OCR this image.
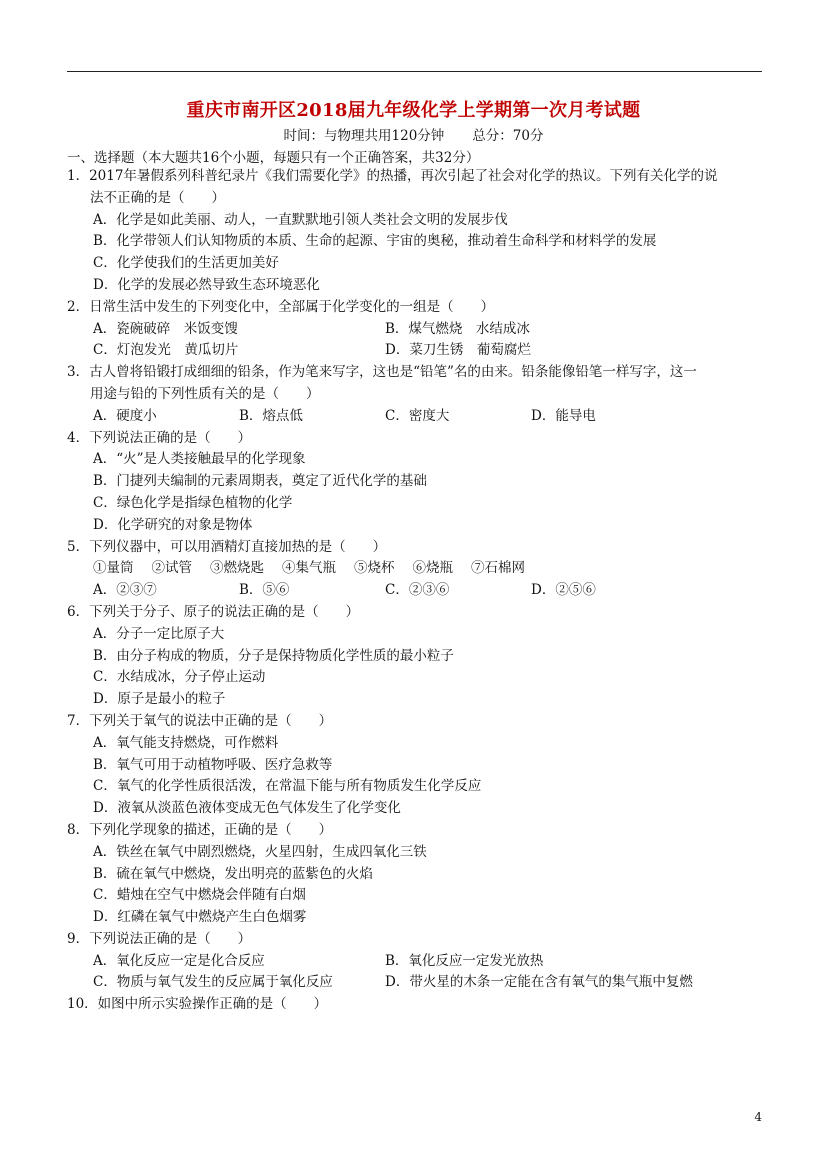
重庆市南开区2018届九年级化学上学期第一次月考试题
时间：与物理共用120分钟 总分：70分
一、选择题（本大题共16个小题，每题只有一个正确答案，共32分）
1．2017年暑假系列科普纪录片《我们需要化学》的热播，再次引起了社会对化学的热议。下列有关化学的说
法不正确的是（　　）
A．化学是如此美丽、动人，一直默默地引领人类社会文明的发展步伐
B．化学带领人们认知物质的本质、生命的起源、宇宙的奥秘，推动着生命科学和材料学的发展
C．化学使我们的生活更加美好
D．化学的发展必然导致生态环境恶化
2．日常生活中发生的下列变化中，全部属于化学变化的一组是（　　）
A．瓷碗破碎　米饭变馊	B．煤气燃烧　水结成冰
C．灯泡发光　黄瓜切片	D．菜刀生锈　葡萄腐烂
3．古人曾将铅锻打成细细的铅条，作为笔来写字，这也是“铅笔”名的由来。铅条能像铅笔一样写字，这一
用途与铅的下列性质有关的是（　　）
A．硬度小	B．熔点低	C．密度大	D．能导电
4．下列说法正确的是（　　）
A．“火”是人类接触最早的化学现象
B．门捷列夫编制的元素周期表，奠定了近代化学的基础
C．绿色化学是指绿色植物的化学
D．化学研究的对象是物体
5．下列仪器中，可以用酒精灯直接加热的是（　　）
①量筒 ②试管 ③燃烧匙 ④集气瓶 ⑤烧杯 ⑥烧瓶 ⑦石棉网
A．②③⑦	B．⑤⑥	C．②③⑥	D．②⑤⑥
6．下列关于分子、原子的说法正确的是（　　）
A．分子一定比原子大
B．由分子构成的物质，分子是保持物质化学性质的最小粒子
C．水结成冰，分子停止运动
D．原子是最小的粒子
7．下列关于氧气的说法中正确的是（　　）
A．氧气能支持燃烧，可作燃料
B．氧气可用于动植物呼吸、医疗急救等
C．氧气的化学性质很活泼，在常温下能与所有物质发生化学反应
D．液氧从淡蓝色液体变成无色气体发生了化学变化
8．下列化学现象的描述，正确的是（　　）
A．铁丝在氧气中剧烈燃烧，火星四射，生成四氧化三铁
B．硫在氧气中燃烧，发出明亮的蓝紫色的火焰
C．蜡烛在空气中燃烧会伴随有白烟
D．红磷在氧气中燃烧产生白色烟雾
9．下列说法正确的是（　　）
A．氧化反应一定是化合反应	B．氧化反应一定发光放热
C．物质与氧气发生的反应属于氧化反应	D．带火星的木条一定能在含有氧气的集气瓶中复燃
10．如图中所示实验操作正确的是（　　）
4
